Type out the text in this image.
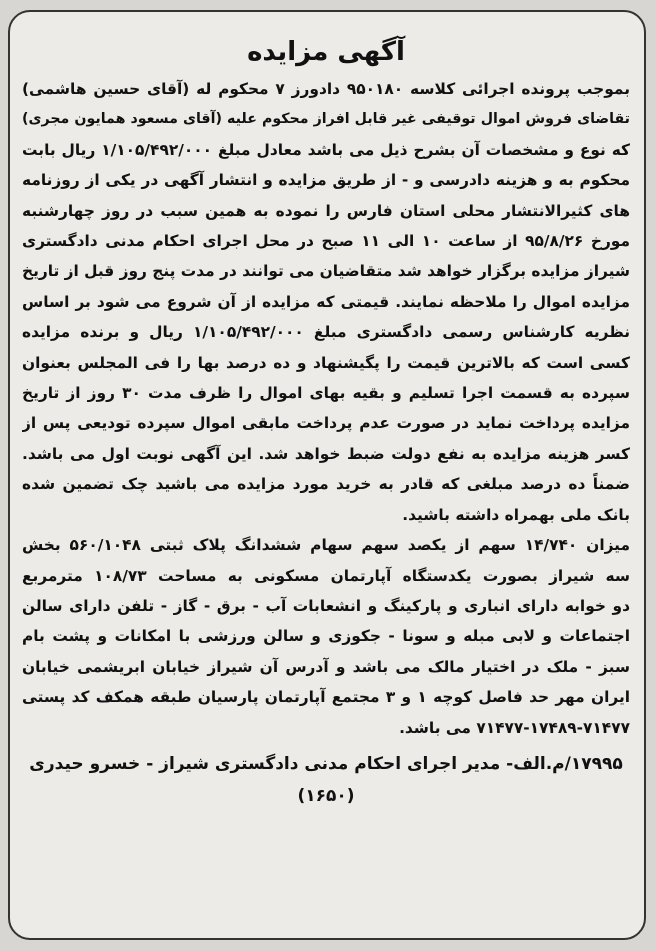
آگهی مزایده
بموجب پرونده اجرائی کلاسه ۹۵۰۱۸۰ دادورز ۷ محکوم له (آقای حسین هاشمی)
تقاضای فروش اموال توقیفی غیر قابل افراز محکوم علیه (آقای مسعود همایون مجری)
که نوع و مشخصات آن بشرح ذیل می باشد معادل مبلغ ۱/۱۰۵/۴۹۲/۰۰۰ ریال بابت
محکوم به و هزینه دادرسی و - از طریق مزایده و انتشار آگهی در یکی از روزنامه
های کثیرالانتشار محلی استان فارس را نموده به همین سبب در روز چهارشنبه
مورخ ۹۵/۸/۲۶ از ساعت ۱۰ الی ۱۱ صبح در محل اجرای احکام مدنی دادگستری
شیراز مزایده برگزار خواهد شد متقاضیان می توانند در مدت پنج روز قبل از تاریخ
مزایده اموال را ملاحظه نمایند. قیمتی که مزایده از آن شروع می شود بر اساس
نظریه کارشناس رسمی دادگستری مبلغ ۱/۱۰۵/۴۹۲/۰۰۰ ریال و برنده مزایده
کسی است که بالاترین قیمت را پگیشنهاد و ده درصد بها را فی المجلس بعنوان
سپرده به قسمت اجرا تسلیم و بقیه بهای اموال را ظرف مدت ۳۰ روز از تاریخ
مزایده پرداخت نماید در صورت عدم پرداخت مابقی اموال سپرده تودیعی پس از
کسر هزینه مزایده به نفع دولت ضبط خواهد شد. این آگهی نوبت اول می باشد.
ضمناً ده درصد مبلغی که قادر به خرید مورد مزایده می باشید چک تضمین شده
بانک ملی بهمراه داشته باشید.
میزان ۱۴/۷۴۰ سهم از یکصد سهم سهام ششدانگ پلاک ثبتی ۵۶۰/۱۰۴۸ بخش
سه شیراز بصورت یکدستگاه آپارتمان مسکونی به مساحت ۱۰۸/۷۳ مترمربع
دو خوابه دارای انباری و پارکینگ و انشعابات آب - برق - گاز - تلفن دارای سالن
اجتماعات و لابی مبله و سونا - جکوزی و سالن ورزشی با امکانات و پشت بام
سبز - ملک در اختیار مالک می باشد و آدرس آن شیراز خیابان ابریشمی خیابان
ایران مهر حد فاصل کوچه ۱ و ۳ مجتمع آپارتمان پارسیان طبقه همکف کد پستی
۷۱۴۷۷-۱۷۴۸۹-۷۱۴۷۷ می باشد.
۱۷۹۹۵/م.الف- مدیر اجرای احکام مدنی دادگستری شیراز - خسرو حیدری
(۱۶۵۰)
